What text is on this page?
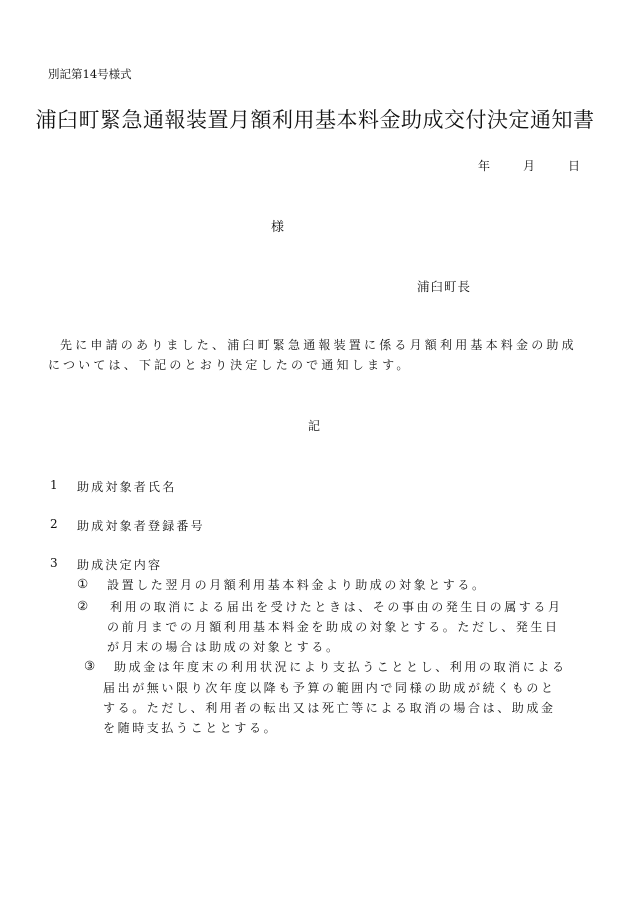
別記第14号様式
浦臼町緊急通報装置月額利用基本料金助成交付決定通知書
年	月	日
様
浦臼町長
先に申請のありました、浦臼町緊急通報装置に係る月額利用基本料金の助成
については、下記のとおり決定したので通知します。
記
1 助成対象者氏名
2 助成対象者登録番号
3 助成決定内容
① 設置した翌月の月額利用基本料金より助成の対象とする。
② 利用の取消による届出を受けたときは、その事由の発生日の属する月
の前月までの月額利用基本料金を助成の対象とする。ただし、発生日
が月末の場合は助成の対象とする。
③ 助成金は年度末の利用状況により支払うこととし、利用の取消による
届出が無い限り次年度以降も予算の範囲内で同様の助成が続くものと
する。ただし、利用者の転出又は死亡等による取消の場合は、助成金
を随時支払うこととする。
